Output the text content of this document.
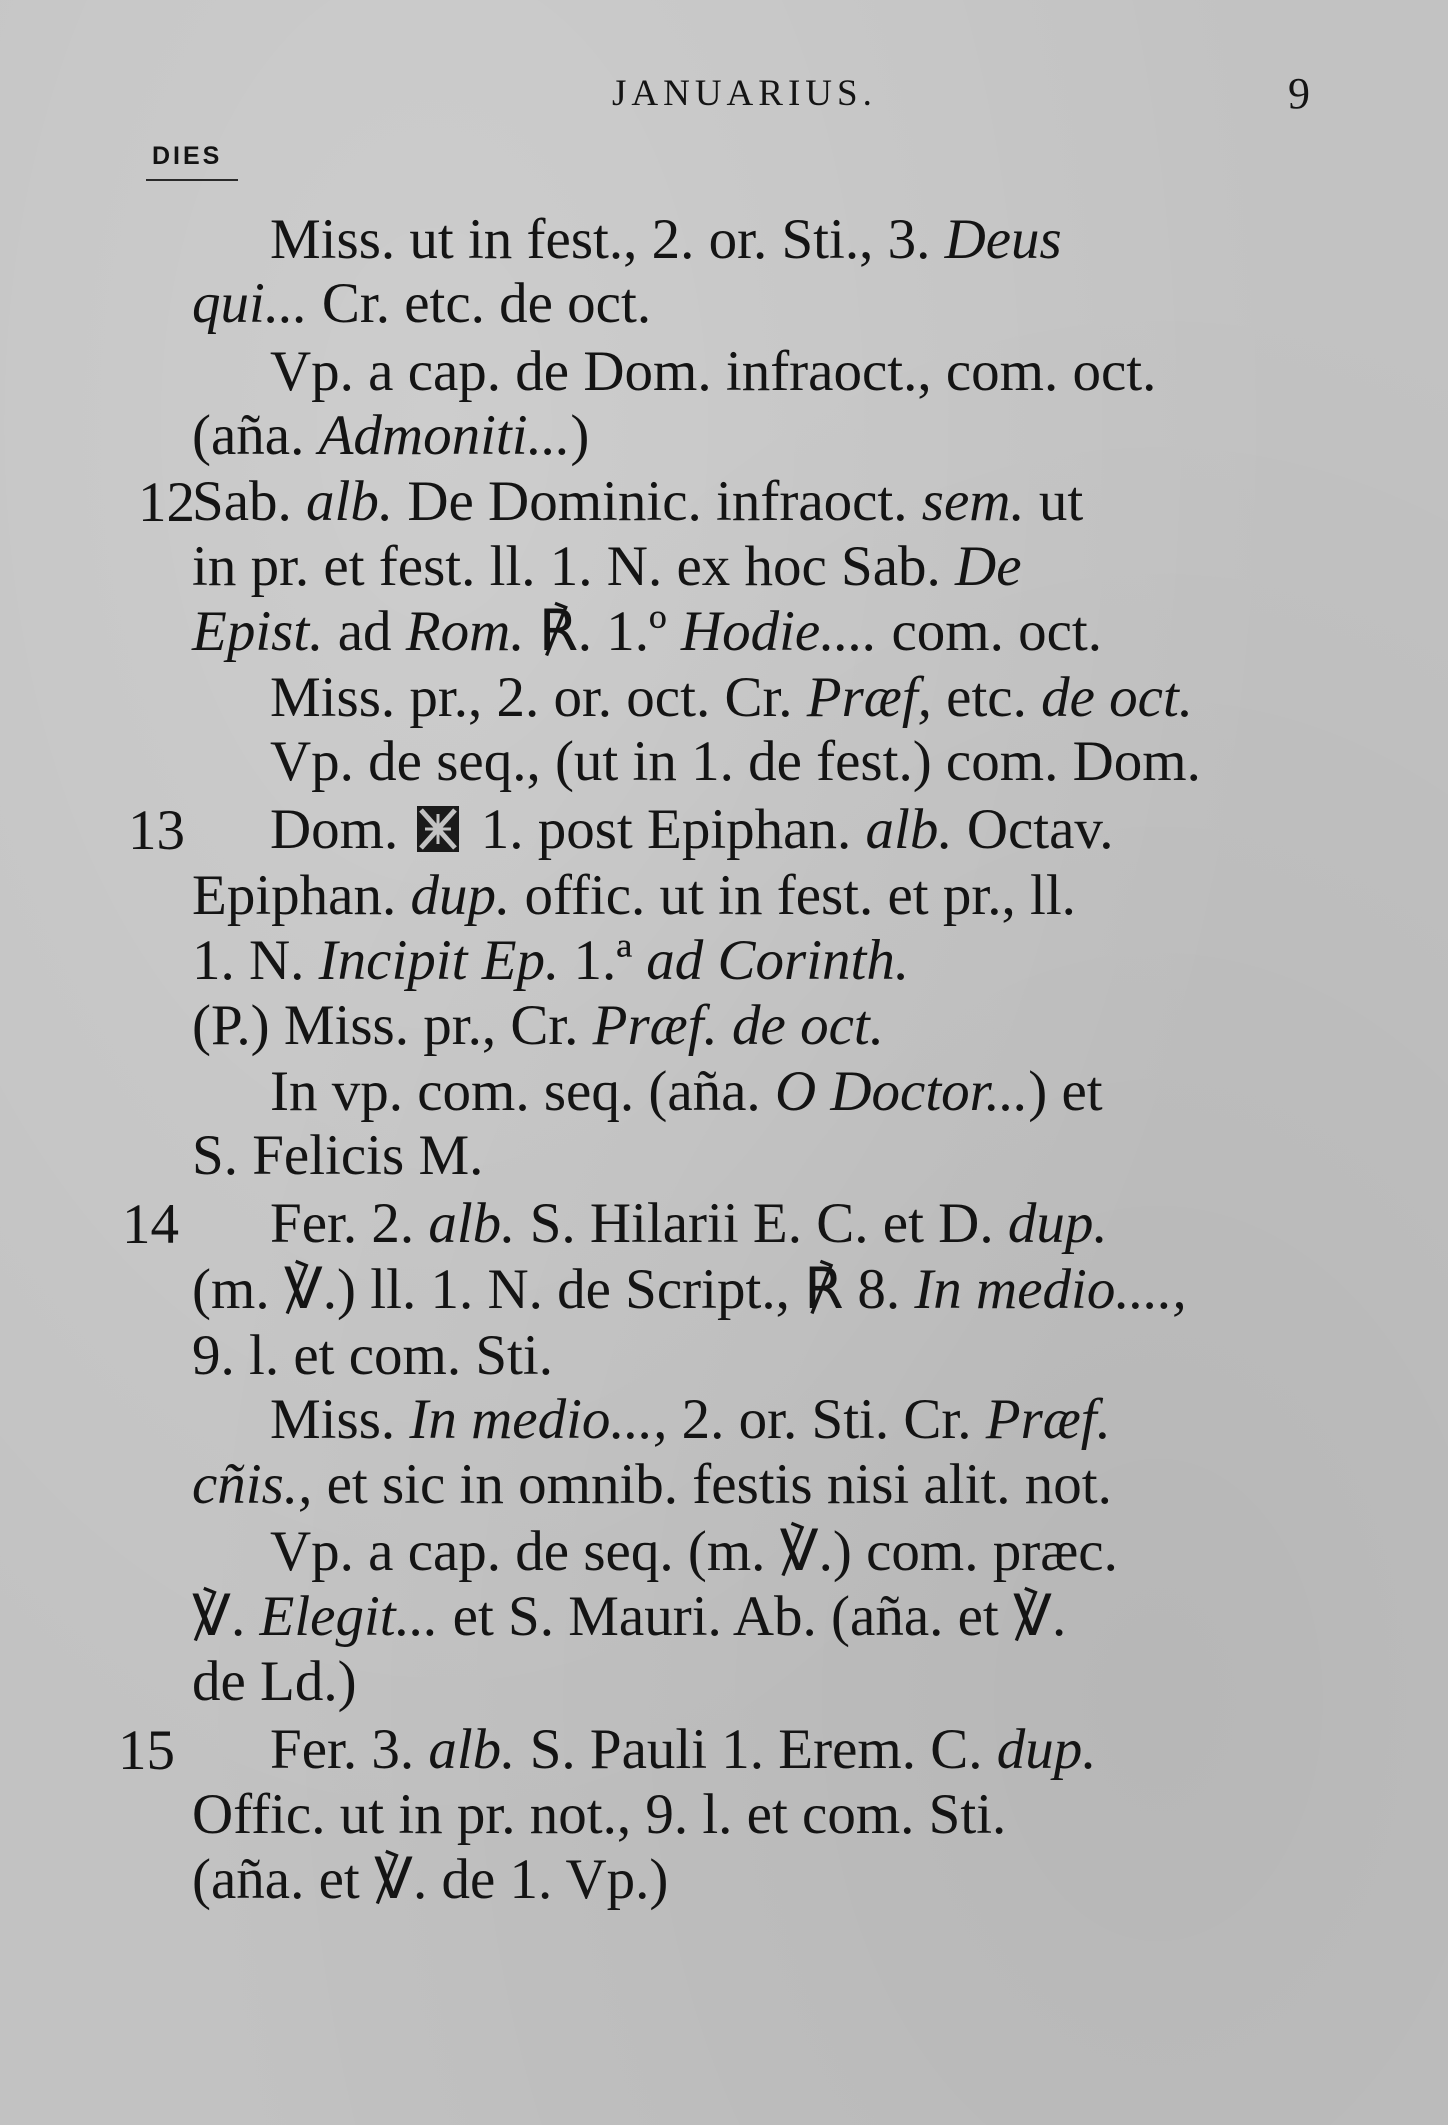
JANUARIUS.	9
DIES
Miss. ut in fest., 2. or. Sti., 3. Deus
qui... Cr. etc. de oct.
Vp. a cap. de Dom. infraoct., com. oct.
(aña. Admoniti...)
12
Sab. alb. De Dominic. infraoct. sem. ut
in pr. et fest. ll. 1. N. ex hoc Sab. De
Epist. ad Rom. ℟. 1.º Hodie.... com. oct.
Miss. pr., 2. or. oct. Cr. Præf, etc. de oct.
Vp. de seq., (ut in 1. de fest.) com. Dom.
13 Dom.
1. post Epiphan. alb. Octav.
Epiphan. dup. offic. ut in fest. et pr., ll.
1. N. Incipit Ep. 1.ª ad Corinth.
(P.) Miss. pr., Cr. Præf. de oct.
In vp. com. seq. (aña. O Doctor...) et
S. Felicis M.
14 Fer. 2. alb. S. Hilarii E. C. et D. dup.
(m. ℣.) ll. 1. N. de Script., ℟ 8. In medio....,
9. l. et com. Sti.
Miss. In medio..., 2. or. Sti. Cr. Præf.
cñis., et sic in omnib. festis nisi alit. not.
Vp. a cap. de seq. (m. ℣.) com. præc.
℣. Elegit... et S. Mauri. Ab. (aña. et ℣.
de Ld.)
15 Fer. 3. alb. S. Pauli 1. Erem. C. dup.
Offic. ut in pr. not., 9. l. et com. Sti.
(aña. et ℣. de 1. Vp.)
